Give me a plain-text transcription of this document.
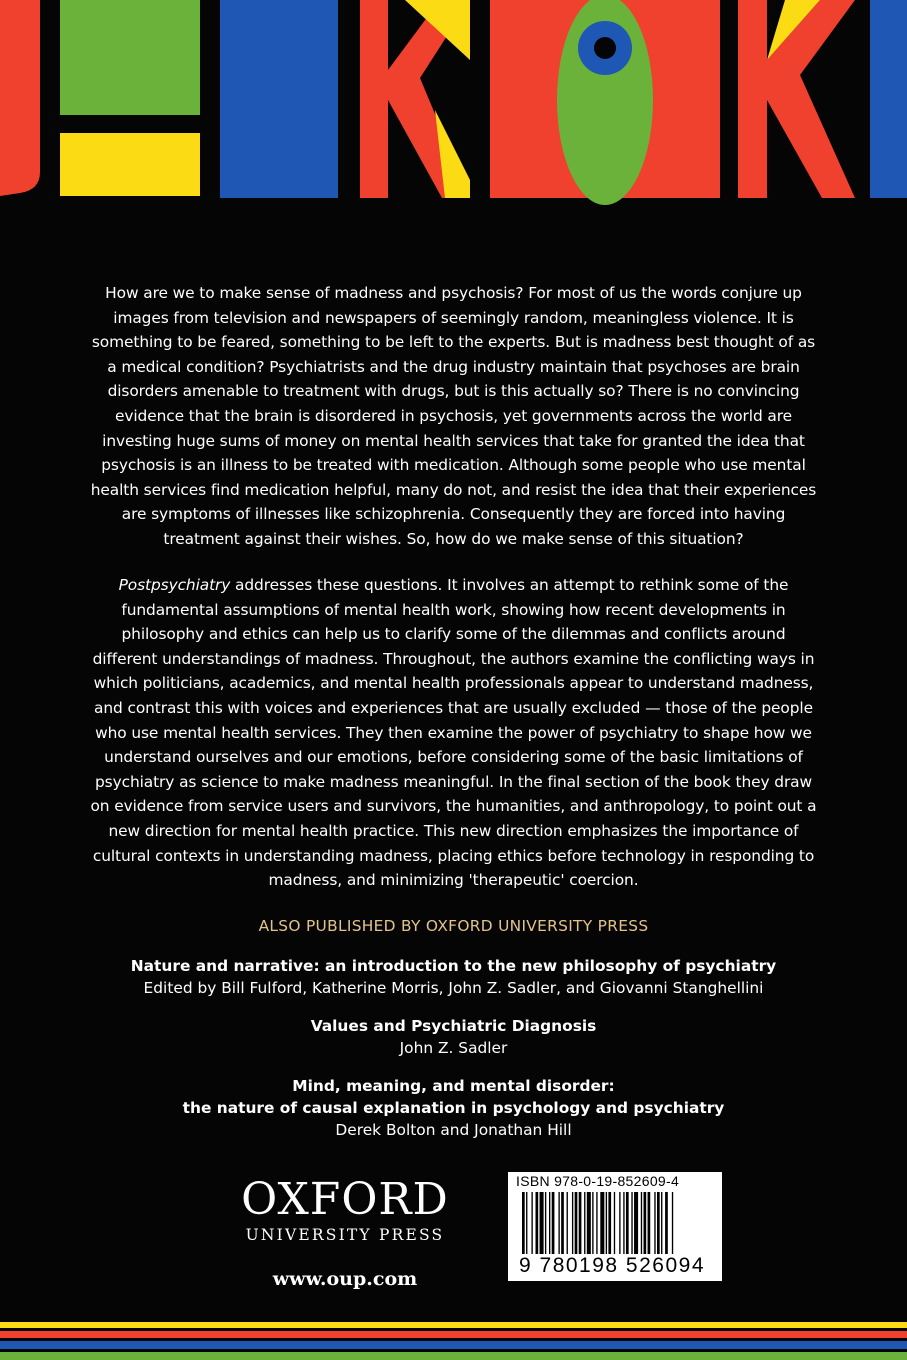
How are we to make sense of madness and psychosis? For most of us the words conjure up images from television and newspapers of seemingly random, meaningless violence. It is something to be feared, something to be left to the experts. But is madness best thought of as a medical condition? Psychiatrists and the drug industry maintain that psychoses are brain disorders amenable to treatment with drugs, but is this actually so? There is no convincing evidence that the brain is disordered in psychosis, yet governments across the world are investing huge sums of money on mental health services that take for granted the idea that psychosis is an illness to be treated with medication. Although some people who use mental health services find medication helpful, many do not, and resist the idea that their experiences are symptoms of illnesses like schizophrenia. Consequently they are forced into having treatment against their wishes. So, how do we make sense of this situation?
Postpsychiatry addresses these questions. It involves an attempt to rethink some of the fundamental assumptions of mental health work, showing how recent developments in philosophy and ethics can help us to clarify some of the dilemmas and conflicts around different understandings of madness. Throughout, the authors examine the conflicting ways in which politicians, academics, and mental health professionals appear to understand madness, and contrast this with voices and experiences that are usually excluded — those of the people who use mental health services. They then examine the power of psychiatry to shape how we understand ourselves and our emotions, before considering some of the basic limitations of psychiatry as science to make madness meaningful. In the final section of the book they draw on evidence from service users and survivors, the humanities, and anthropology, to point out a new direction for mental health practice. This new direction emphasizes the importance of cultural contexts in understanding madness, placing ethics before technology in responding to madness, and minimizing 'therapeutic' coercion.
ALSO PUBLISHED BY OXFORD UNIVERSITY PRESS
Nature and narrative: an introduction to the new philosophy of psychiatry
Edited by Bill Fulford, Katherine Morris, John Z. Sadler, and Giovanni Stanghellini
Values and Psychiatric Diagnosis
John Z. Sadler
Mind, meaning, and mental disorder:
the nature of causal explanation in psychology and psychiatry
Derek Bolton and Jonathan Hill
OXFORD
UNIVERSITY PRESS
www.oup.com
ISBN 978-0-19-852609-4
9 780198 526094
